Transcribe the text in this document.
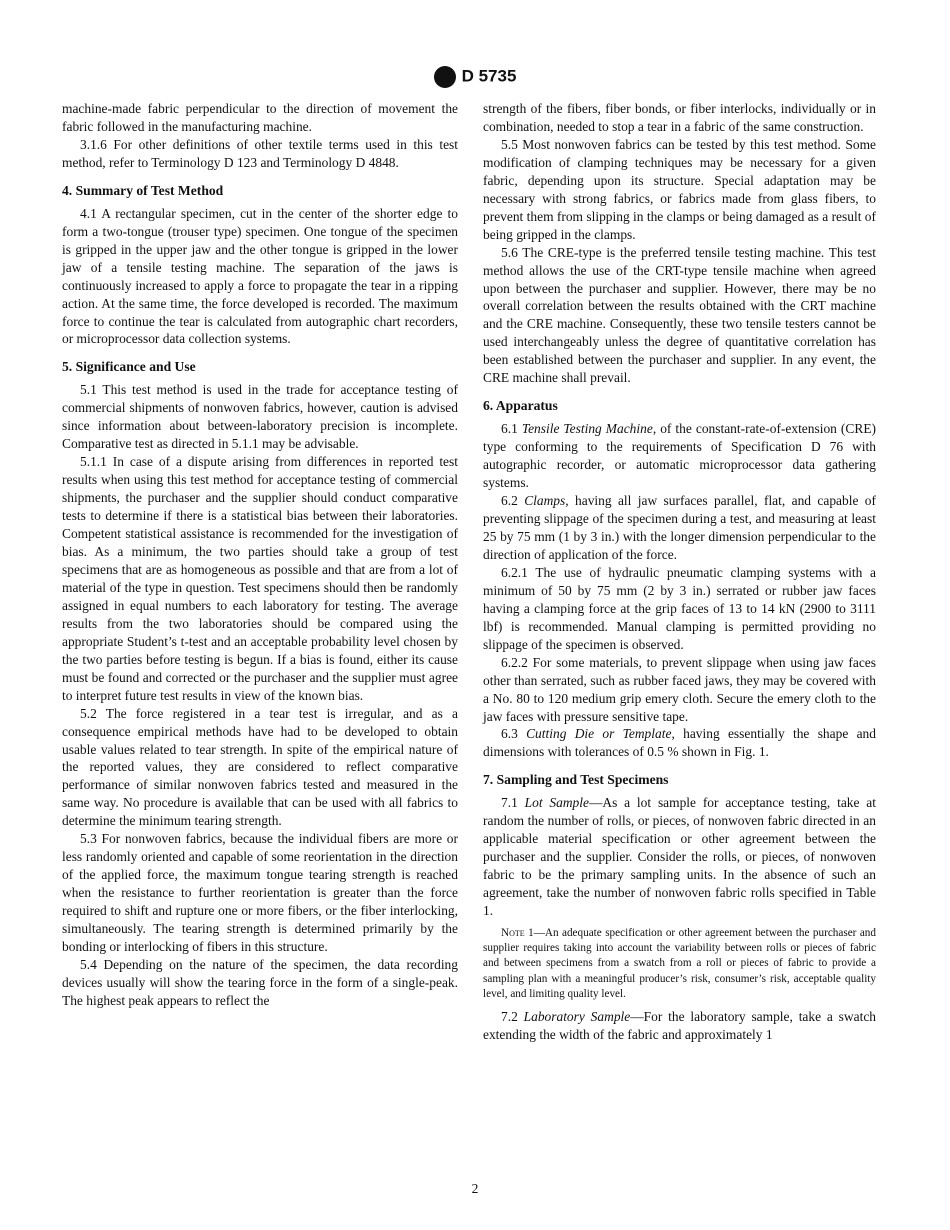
D 5735

machine-made fabric perpendicular to the direction of movement the fabric followed in the manufacturing machine.

3.1.6 For other definitions of other textile terms used in this test method, refer to Terminology D 123 and Terminology D 4848.

4. Summary of Test Method

4.1 A rectangular specimen, cut in the center of the shorter edge to form a two-tongue (trouser type) specimen. One tongue of the specimen is gripped in the upper jaw and the other tongue is gripped in the lower jaw of a tensile testing machine. The separation of the jaws is continuously increased to apply a force to propagate the tear in a ripping action. At the same time, the force developed is recorded. The maximum force to continue the tear is calculated from autographic chart recorders, or microprocessor data collection systems.

5. Significance and Use

5.1 This test method is used in the trade for acceptance testing of commercial shipments of nonwoven fabrics, however, caution is advised since information about between-laboratory precision is incomplete. Comparative test as directed in 5.1.1 may be advisable.

5.1.1 In case of a dispute arising from differences in reported test results when using this test method for acceptance testing of commercial shipments, the purchaser and the supplier should conduct comparative tests to determine if there is a statistical bias between their laboratories. Competent statistical assistance is recommended for the investigation of bias. As a minimum, the two parties should take a group of test specimens that are as homogeneous as possible and that are from a lot of material of the type in question. Test specimens should then be randomly assigned in equal numbers to each laboratory for testing. The average results from the two laboratories should be compared using the appropriate Student’s t-test and an acceptable probability level chosen by the two parties before testing is begun. If a bias is found, either its cause must be found and corrected or the purchaser and the supplier must agree to interpret future test results in view of the known bias.

5.2 The force registered in a tear test is irregular, and as a consequence empirical methods have had to be developed to obtain usable values related to tear strength. In spite of the empirical nature of the reported values, they are considered to reflect comparative performance of similar nonwoven fabrics tested and measured in the same way. No procedure is available that can be used with all fabrics to determine the minimum tearing strength.

5.3 For nonwoven fabrics, because the individual fibers are more or less randomly oriented and capable of some reorientation in the direction of the applied force, the maximum tongue tearing strength is reached when the resistance to further reorientation is greater than the force required to shift and rupture one or more fibers, or the fiber interlocking, simultaneously. The tearing strength is determined primarily by the bonding or interlocking of fibers in this structure.

5.4 Depending on the nature of the specimen, the data recording devices usually will show the tearing force in the form of a single-peak. The highest peak appears to reflect the

strength of the fibers, fiber bonds, or fiber interlocks, individually or in combination, needed to stop a tear in a fabric of the same construction.

5.5 Most nonwoven fabrics can be tested by this test method. Some modification of clamping techniques may be necessary for a given fabric, depending upon its structure. Special adaptation may be necessary with strong fabrics, or fabrics made from glass fibers, to prevent them from slipping in the clamps or being damaged as a result of being gripped in the clamps.

5.6 The CRE-type is the preferred tensile testing machine. This test method allows the use of the CRT-type tensile machine when agreed upon between the purchaser and supplier. However, there may be no overall correlation between the results obtained with the CRT machine and the CRE machine. Consequently, these two tensile testers cannot be used interchangeably unless the degree of quantitative correlation has been established between the purchaser and supplier. In any event, the CRE machine shall prevail.

6. Apparatus

6.1 Tensile Testing Machine, of the constant-rate-of-extension (CRE) type conforming to the requirements of Specification D 76 with autographic recorder, or automatic microprocessor data gathering systems.

6.2 Clamps, having all jaw surfaces parallel, flat, and capable of preventing slippage of the specimen during a test, and measuring at least 25 by 75 mm (1 by 3 in.) with the longer dimension perpendicular to the direction of application of the force.

6.2.1 The use of hydraulic pneumatic clamping systems with a minimum of 50 by 75 mm (2 by 3 in.) serrated or rubber jaw faces having a clamping force at the grip faces of 13 to 14 kN (2900 to 3111 lbf) is recommended. Manual clamping is permitted providing no slippage of the specimen is observed.

6.2.2 For some materials, to prevent slippage when using jaw faces other than serrated, such as rubber faced jaws, they may be covered with a No. 80 to 120 medium grip emery cloth. Secure the emery cloth to the jaw faces with pressure sensitive tape.

6.3 Cutting Die or Template, having essentially the shape and dimensions with tolerances of 0.5 % shown in Fig. 1.

7. Sampling and Test Specimens

7.1 Lot Sample—As a lot sample for acceptance testing, take at random the number of rolls, or pieces, of nonwoven fabric directed in an applicable material specification or other agreement between the purchaser and the supplier. Consider the rolls, or pieces, of nonwoven fabric to be the primary sampling units. In the absence of such an agreement, take the number of nonwoven fabric rolls specified in Table 1.

Note 1—An adequate specification or other agreement between the purchaser and supplier requires taking into account the variability between rolls or pieces of fabric and between specimens from a swatch from a roll or pieces of fabric to provide a sampling plan with a meaningful producer’s risk, consumer’s risk, acceptable quality level, and limiting quality level.

7.2 Laboratory Sample—For the laboratory sample, take a swatch extending the width of the fabric and approximately 1

2
